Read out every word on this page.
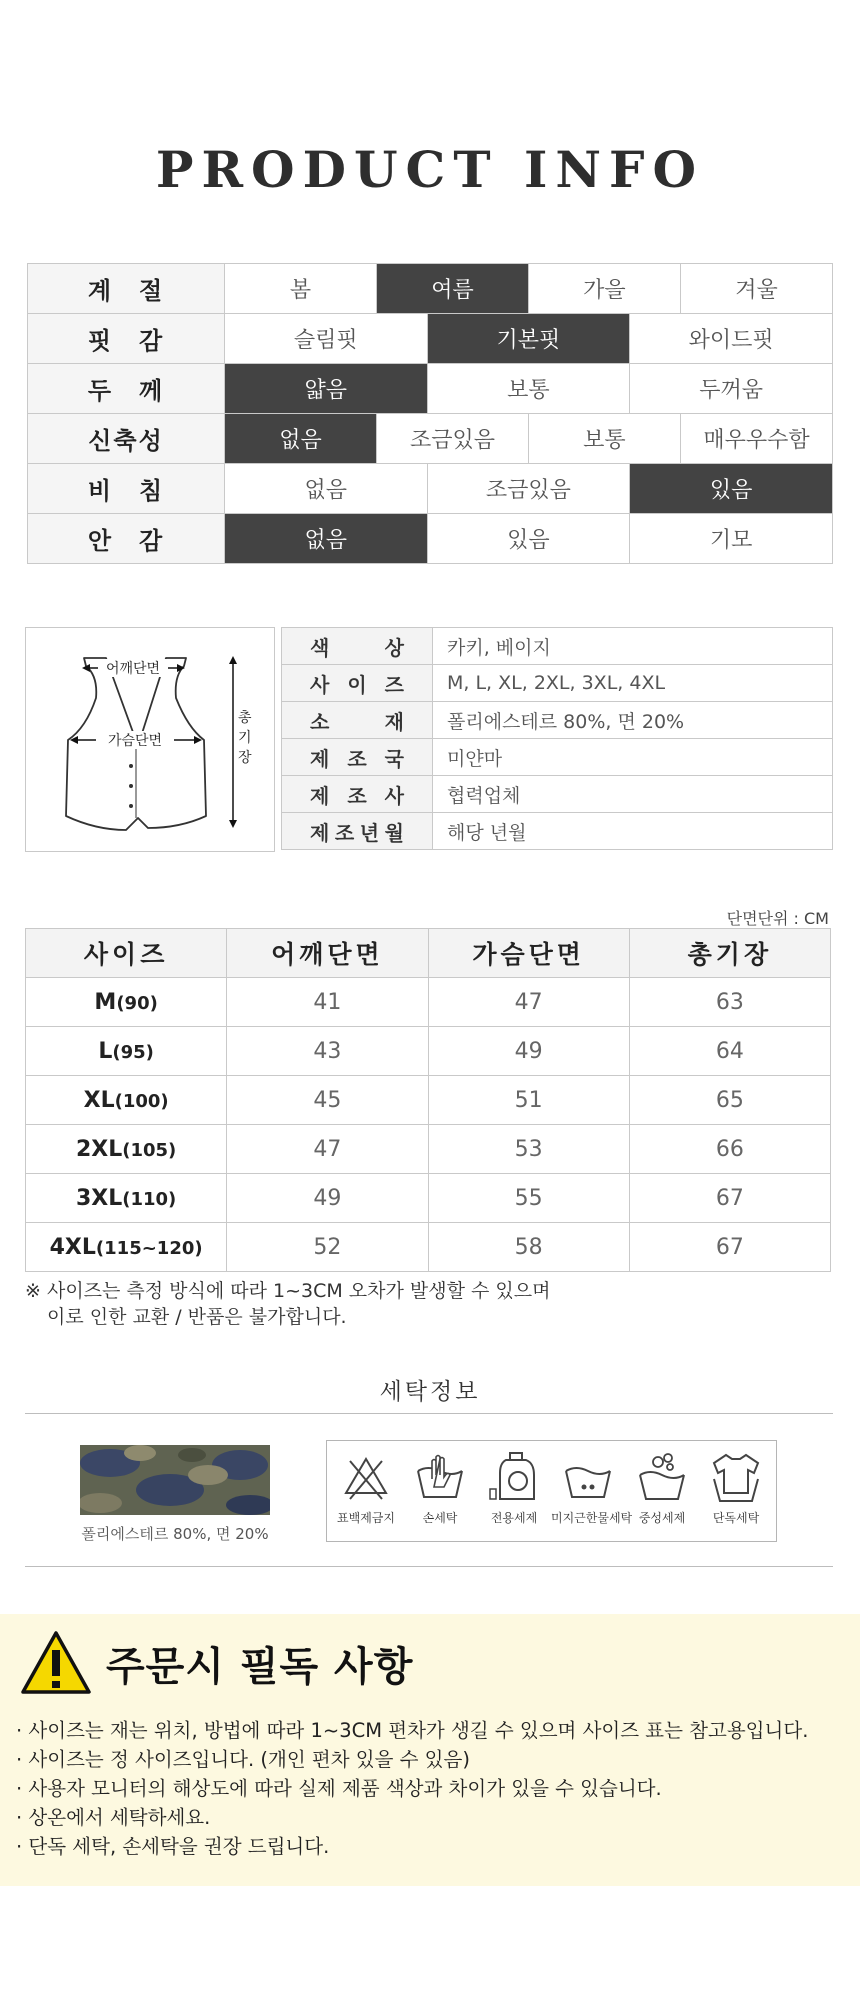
PRODUCT INFO
계　절	봄	여름		가을		겨울
핏　감	슬림핏		기본핏		와이드핏	
두　께	얇음		보통		두꺼움	
신축성	없음	조금있음		보통		매우우수함
비　침	없음		조금있음		있음	
안　감	없음		있음		기모	
어깨단면
가슴단면
총기장
색 상	카키, 베이지

사 이 즈	M, L, XL, 2XL, 3XL, 4XL

소 재	폴리에스테르 80%, 면 20%

제 조 국	미얀마

제 조 사	협력업체

제 조 년 월	해당 년월
단면단위 : CM
사이즈	어깨단면	가슴단면	총기장
M(90)	41	47	63
L(95)	43	49	64
XL(100)	45	51	65
2XL(105)	47	53	66
3XL(110)	49	55	67
4XL(115~120)	52	58	67
※ 사이즈는 측정 방식에 따라 1~3CM 오차가 발생할 수 있으며
이로 인한 교환 / 반품은 불가합니다.
세탁정보
폴리에스테르 80%, 면 20%
표백제금지	손세탁	전용세제	미지근한물세탁 중성세제	단독세탁
주문시 필독 사항
· 사이즈는 재는 위치, 방법에 따라 1~3CM 편차가 생길 수 있으며 사이즈 표는 참고용입니다.
· 사이즈는 정 사이즈입니다. (개인 편차 있을 수 있음)
· 사용자 모니터의 해상도에 따라 실제 제품 색상과 차이가 있을 수 있습니다.
· 상온에서 세탁하세요.
· 단독 세탁, 손세탁을 권장 드립니다.
